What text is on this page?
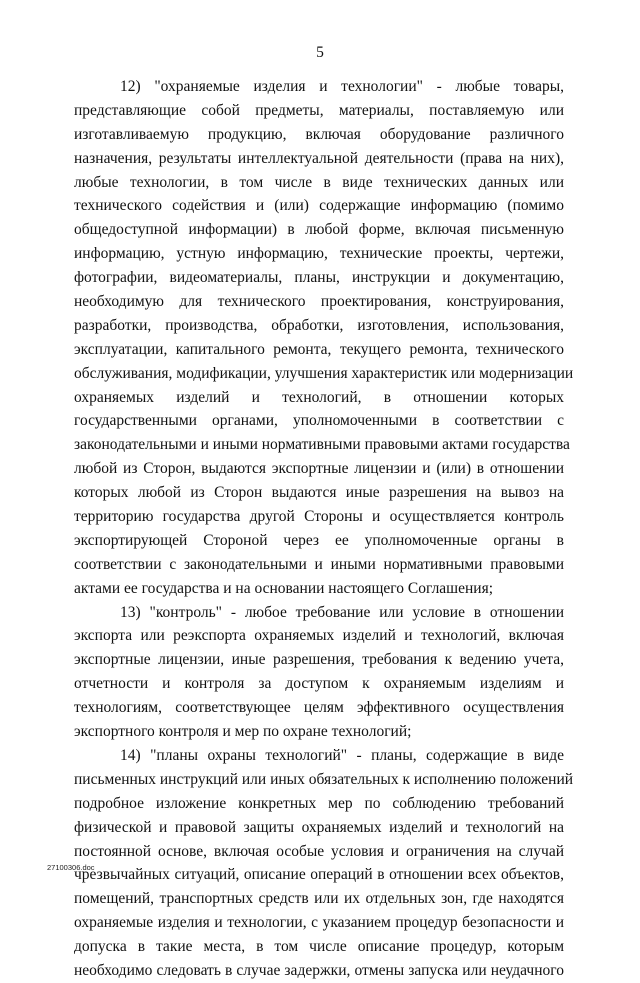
5
12) "охраняемые изделия и технологии" - любые товары,
представляющие собой предметы, материалы, поставляемую или
изготавливаемую продукцию, включая оборудование различного
назначения, результаты интеллектуальной деятельности (права на них),
любые технологии, в том числе в виде технических данных или
технического содействия и (или) содержащие информацию (помимо
общедоступной информации) в любой форме, включая письменную
информацию, устную информацию, технические проекты, чертежи,
фотографии, видеоматериалы, планы, инструкции и документацию,
необходимую для технического проектирования, конструирования,
разработки, производства, обработки, изготовления, использования,
эксплуатации, капитального ремонта, текущего ремонта, технического
обслуживания, модификации, улучшения характеристик или модернизации
охраняемых изделий и технологий, в отношении которых
государственными органами, уполномоченными в соответствии с
законодательными и иными нормативными правовыми актами государства
любой из Сторон, выдаются экспортные лицензии и (или) в отношении
которых любой из Сторон выдаются иные разрешения на вывоз на
территорию государства другой Стороны и осуществляется контроль
экспортирующей Стороной через ее уполномоченные органы в
соответствии с законодательными и иными нормативными правовыми
актами ее государства и на основании настоящего Соглашения;
13) "контроль" - любое требование или условие в отношении
экспорта или реэкспорта охраняемых изделий и технологий, включая
экспортные лицензии, иные разрешения, требования к ведению учета,
отчетности и контроля за доступом к охраняемым изделиям и
технологиям, соответствующее целям эффективного осуществления
экспортного контроля и мер по охране технологий;
14) "планы охраны технологий" - планы, содержащие в виде
письменных инструкций или иных обязательных к исполнению положений
подробное изложение конкретных мер по соблюдению требований
физической и правовой защиты охраняемых изделий и технологий на
постоянной основе, включая особые условия и ограничения на случай
чрезвычайных ситуаций, описание операций в отношении всех объектов,
помещений, транспортных средств или их отдельных зон, где находятся
охраняемые изделия и технологии, с указанием процедур безопасности и
допуска в такие места, в том числе описание процедур, которым
необходимо следовать в случае задержки, отмены запуска или неудачного
27100306.doc
